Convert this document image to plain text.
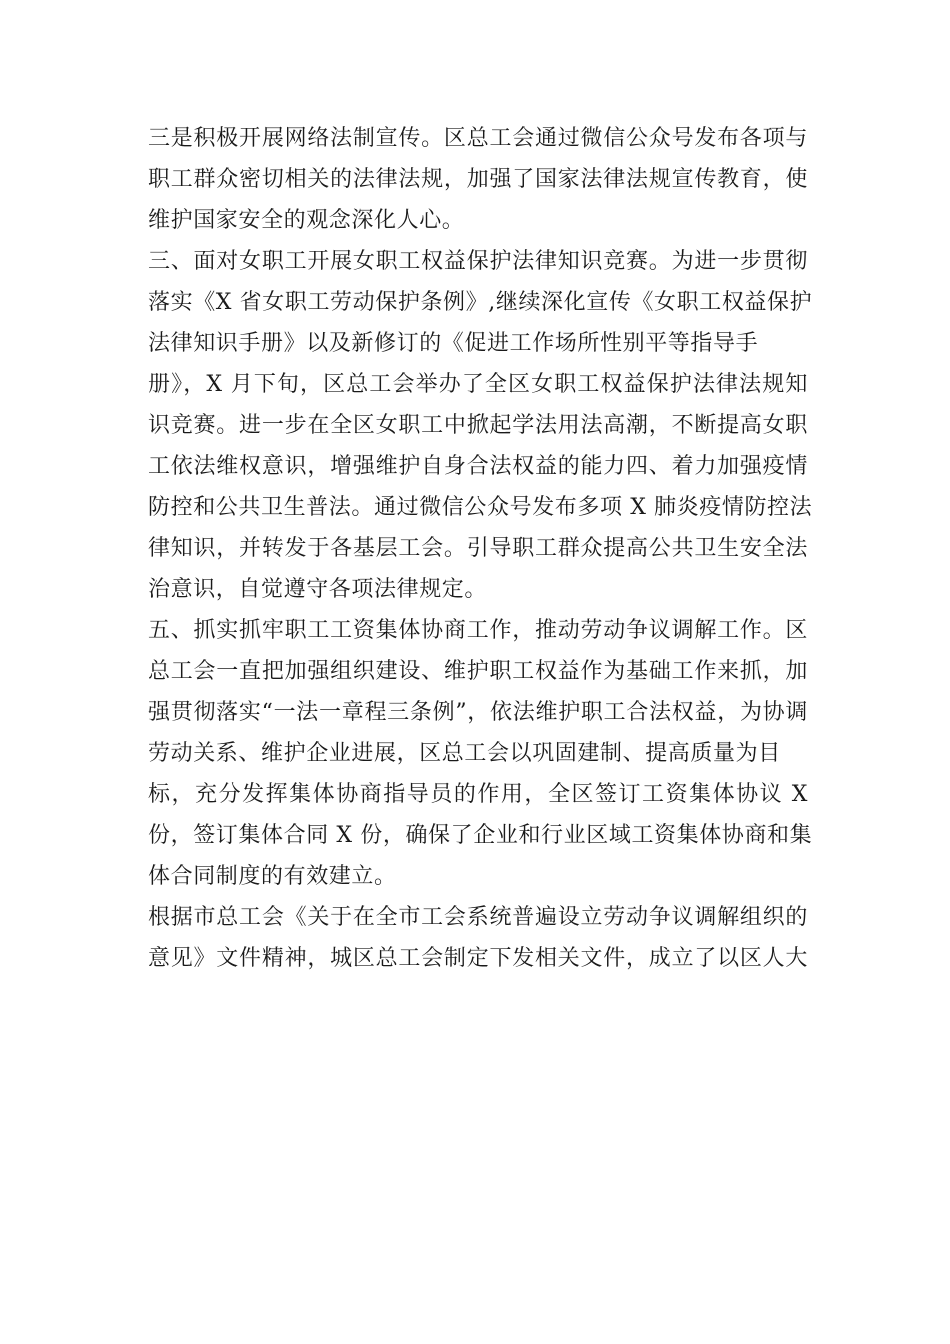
三是积极开展网络法制宣传。区总工会通过微信公众号发布各项与
职工群众密切相关的法律法规，加强了国家法律法规宣传教育，使
维护国家安全的观念深化人心。
三、面对女职工开展女职工权益保护法律知识竞赛。为进一步贯彻
落实《X 省女职工劳动保护条例》,继续深化宣传《女职工权益保护
法律知识手册》以及新修订的《促进工作场所性别平等指导手
册》，X 月下旬，区总工会举办了全区女职工权益保护法律法规知
识竞赛。进一步在全区女职工中掀起学法用法高潮，不断提高女职
工依法维权意识，增强维护自身合法权益的能力四、着力加强疫情
防控和公共卫生普法。通过微信公众号发布多项 X 肺炎疫情防控法
律知识，并转发于各基层工会。引导职工群众提高公共卫生安全法
治意识，自觉遵守各项法律规定。
五、抓实抓牢职工工资集体协商工作，推动劳动争议调解工作。区
总工会一直把加强组织建设、维护职工权益作为基础工作来抓，加
强贯彻落实“一法一章程三条例”，依法维护职工合法权益，为协调
劳动关系、维护企业进展，区总工会以巩固建制、提高质量为目
标，充分发挥集体协商指导员的作用，全区签订工资集体协议 X
份，签订集体合同 X 份，确保了企业和行业区域工资集体协商和集
体合同制度的有效建立。
根据市总工会《关于在全市工会系统普遍设立劳动争议调解组织的
意见》文件精神，城区总工会制定下发相关文件，成立了以区人大
